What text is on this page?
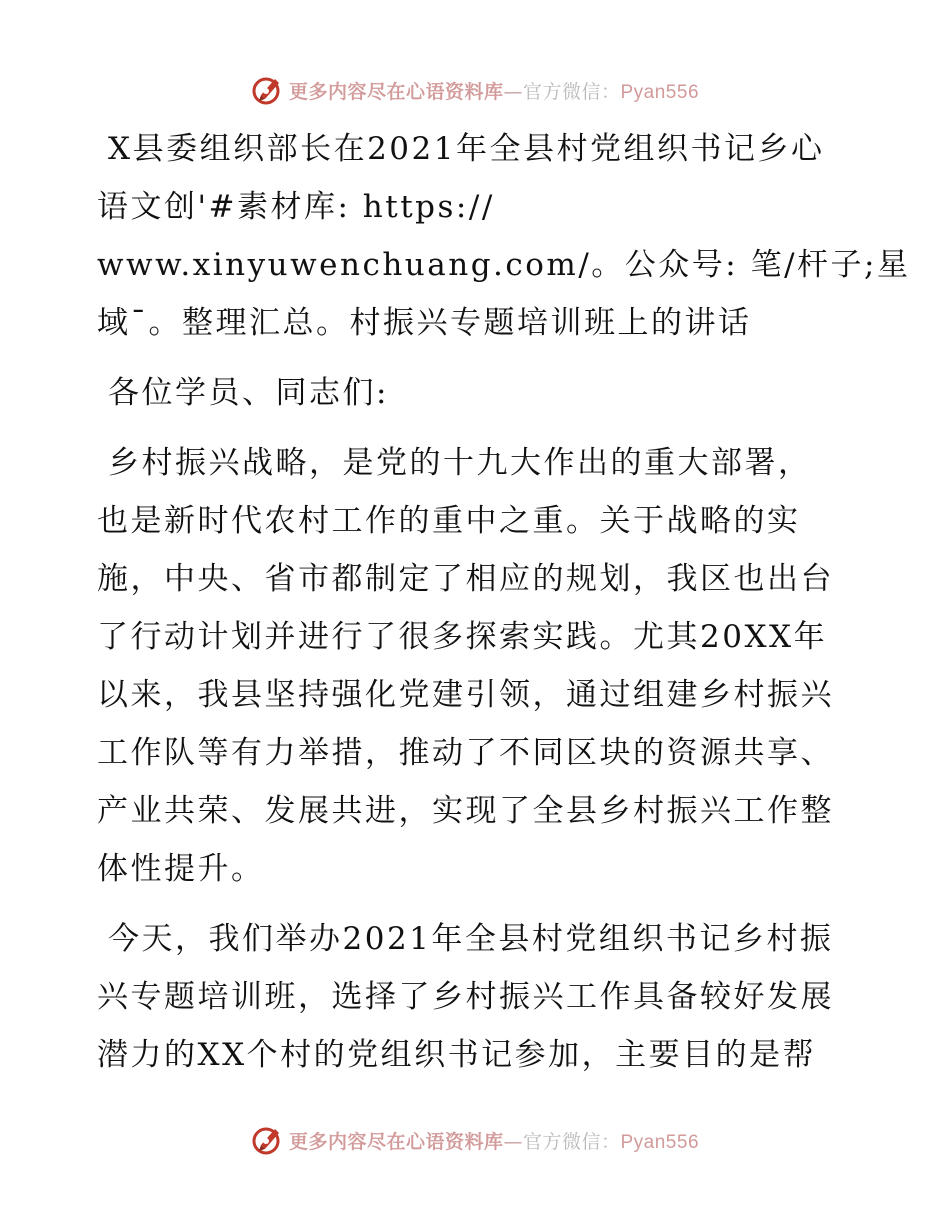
更多内容尽在心语资料库—官方微信：Pyan556
X县委组织部长在2021年全县村党组织书记乡心
语文创'#素材库: https://
www.xinyuwenchuang.com/。公众号: 笔/杆子;星
域¯。整理汇总。村振兴专题培训班上的讲话
各位学员、同志们:
乡村振兴战略，是党的十九大作出的重大部署，
也是新时代农村工作的重中之重。关于战略的实
施，中央、省市都制定了相应的规划，我区也出台
了行动计划并进行了很多探索实践。尤其20XX年
以来，我县坚持强化党建引领，通过组建乡村振兴
工作队等有力举措，推动了不同区块的资源共享、
产业共荣、发展共进，实现了全县乡村振兴工作整
体性提升。
今天，我们举办2021年全县村党组织书记乡村振
兴专题培训班，选择了乡村振兴工作具备较好发展
潜力的XX个村的党组织书记参加，主要目的是帮
更多内容尽在心语资料库—官方微信：Pyan556
